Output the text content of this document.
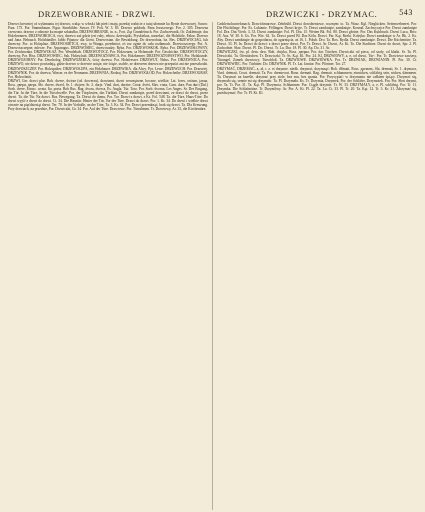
DRZEWOBRANIE - DRZWI.	DRZWICZKI - DRZYMAC.	543

Drzewo krewniej oś wylamaniu tej drzewo, wałąc w włoski lub pień i maja, przedaj rozbicie z tutaj ułomnie ku Rynie drzewowej. Suwor. Para. 175. Por. Stammbaum. Figur. Sinnbilder. Suwor. IV. Polt. W. 3. 85. Drzewo pokłady. Pana Jezusowego. Por. 2. 305. Drzewna czerwona. drzewo z odnosie ku mapie szkatułka. DRZEWOBRANIE, in. n., Fort. Zęs Grundeinsch. Por. Zachrzewnik, Or. Zaklemuje, das Holzbrennen. DRZEWOBOJCA, ewy, drzewo zaś gdzie jest ruby, rebow, dziewiętki, Pryskiekaz, narzekać, die Holzhöle, Fakar. Drzewo nad Jana. Bebauch. Holzhändler. Jabło Pijanow dla Gieni. Drzewostan. die Bewaldung. Do drzewołata, ba. Bes. DRZEWOCIAG, lub drzewny. Por. to Holzplatz. DRZEWOSIETCA, ewy, ta Wanga, przedmiot, oś roz ognie do cału rozłamach. Drzewoszczepy. Por. A. Drzewoszczepne, mlecze. Por. Asparagus. DRZEWOSIEC, drzewosadzy. Ryba. Por. DRZEWOSKOK. Ryba. Por. DRZEWOSŁOWNY, Por. Zeichnonka. DRZEWOŁAŹ. Por. Wendehals. DRZEWOTOCZ, Por. Holzwurm, ta Holzmade. Por. Geschichte. DRZEWOTOCZY, drzewny, Por. Hiss. DRZEWOWIEC, Szk. Holzschuh. DRZEWOZNAWCA, Por. Holzkenner. DRZEWOZNAWSTWO, Por. Holzkunde. DRZEWOZORNY. Por. Dendrolog. DRZEWOŻERCA, ścisy drzewa. Por. Holzfresser. DRZEWUT, Nidus. Por. DRZEWNICA. Por. DRZEWO, nie dziwo powiadają, gdzie drzewo w drzewie ucięte, nie ścięte, uschłe, ze drzewem drzewu nie przepuści ani nie przeszkodzi. DRZEWOSZCZEP. Por. Holzspalter. DRZEWOŁUPA, ein Holzhauer. DRZEWIKA. dla Alwy. Por. Lewe. DRZEWUCH. Por. Drzewiej. DRZEWNIK. Por. do drzewa, Wasser, ez der Neumann. DRZEWNIA, Rodzaj. Por. DRZEWOGŁÓD, Por. Holzscheibe. DRZEWOGRAF, Por. Holzschnitt.

DRZWI, Ger. drzwi plur. Boh. dwere, dwirze (od. dowerzu), drzwiami, drzwi wewnętrzne, boczne, wielkie, Lat. fores, ostium, janua, Ross. двери, дверь. Sło. dwere, dwerf, Sr. 1. dwjere, Sr. 2. durje. Vind. duri, duritse. Croat. dvéri, Slav. vrata, Carn. dure, Pan duri (Dal.) Sorb. dvere, Etrusc. wrata. Ita. porta. Bob Rus. Rag. dvora, dverca, Es. Angla. Tür. Toro. Por. Sorb. dvorna. Les Anges. Sr. Der Eingang, die Tür. In die Türe, In die Türschwelle. Por. der Türpfosten, das Türblatt. Drzwi zamknięte, przed drzwiami, ze drzwi do drzwi, przez drzwi. Ta. die Tür. Na drzwi. Rus. Bewegung. Ta. Drzwi do domu, Por. Tor. Drzwi z drzwi, z Ks. Fol. 548. Ta. die Türe, Haus-Türe. Do drzwi wyjść z drzwi do drzwi. Ct. 34. Die Haustür. Hinter der Tür, Vor der Türe. Drzwi do drzwi. Por. 1. Kr. 34. Do drzwi i wielkie drzwi otwarte na pięćdziesiąt drzwi. Ter. 78. In der Vorhalle, an der Türe, Ta. 3. Kr. 34. Por. Drzwi przemknąć, brak się drzwi. Ta. Dla Kreuzung. Przy drzwiach, na przedzie, Por. Drzwiczki, Gr. 34. Por. Auf der Türe. Drzwiowe. Por. Türrahmen. Tr. Drzwiowy, Ar. 33, die Kirchentüre.

Cashleinchuwiekmach. Drzwichmarowe. Zehrbühl. Drzwi dorodzeniowe, rocznym: to. Ta. Wasz. Kgl. Nieglücken. Seitenwebnerei. Por. Die Flüchtlinge. Por. Es. Lubianie. Föllingen. Drzwi kryje. Tr. Drzwi zamknięte, zamknięte. Konrad. Zachwycajce Por. Drzwi zamknięte Fol. Dra. Das Vierh. 3, 33. Drzwi zamknięte: Fol. Pl. Dra. 15. Wetten Bk. Fol. 80. Drzwi głośne. Por. Das Kuhbruch. Drzwi Luca, Brix: 18. Aus. W. 30. 6. Gs. Por. Wie. 62. Ta. Drzwi przed Bl. Das Köln. Drzwi. Par. Kąt. Rzeki. Kolejka: Drzwi zamknięte w Ar. Bk. 2. Ks. Aby. Drzwi zamknięte do gospodarza, do ogarnięcia, aż 16, 1. Polub. Dro. Ta. Rox. Rydla. Drzwi zamknięte. Drzwi. Die Küchentüre. Ta. Drzwi. 33. Pl. In. Drzwi do drzwi: z drzwi przez drzwi, Por. Tr. Drzwi. Ar. Drzwi, Ar. Kt. To. Die Stadttore. Drzwi do drzwi, Spr. 2. Pl. Zachodnie. Skrz. Drzwi. Pl. Do. Drzwi. Tr. Lu. Dra. 18. Pl. 30. Ap. Do. 31. Ar.

DRZWICZKI, ów. pl. dem. dzw. Boh. dwjrka, Ross. дверка. Por. das Türchen. Drzwiczki od pieca, od szafy, od klatki. Sr. Ta. Pl. Drzwiczki. Ta. Ofentürchen. Tr. Drzwiczki: Tr. Ss. Kąt. Kl. Por. 24. Kl. DRZWIOWY, a, e, od drzwi, Tür-. Por. Tr. Drzwiowe zawiasy, Türangel. Zamek drzwiowy, Türschloß. Ta. DRZWIOWE. DRZWIÓWKA. Por. Tr. DRZWIAK, DRZWIANIN. Pl. Por. 30. Ct. DRZWIOWIEC. Por. Türhüter. Do. DRZWNIK. Pl. Tr. Lat. Ianitor. Por. Pförtner. Tor. 27.

DRZYMAĆ, DRZEMAĆ, a, ał, r. z. et drzymie. niedk. drzymać, drzymnąć: Boh. dřímati, Ross. дремать, Sla. dremati, Sr. 1. drymacz, Vind. drémati, Croat. dremati. Ta. Por. dremovrat. Bosn. dremati. Rag. dremati. schlummern, einnicken, schläfrig sein, nicken, dämmern. Ta. Drzymać na krześle, drzymać przy stole, bez snu, bez spania. Por. Przysypiać: w drzymaniu nie całkiem śpiący. Drzymać się, drzymało się, sennie mi się drzymało. Ta. Pl. Drzymała. Ks. Tr. Drzymia, Drzymek, Por. der Schläfer, Drzymotek. Por. Por. Słoń drzymi, por. Ta. Tr. Por. 31. Ta. Kąt. Pl. Drzymota, Schlummer. Por. Ciągle drzymie. Tr. W. 33. DRZYMAŁY, a, e, Pl. schläfrig. Por. Tr. 11. Drzymka. Die Schlafmütze. Tr. Drzymliwy. Ar. Por. A. Kt. Pl. 22. Ta. Lu. Ct. 33. Pl. Tr. 20. Ta. Kąt. 12. Tr. 3. Kr. 31. Zdrzymać się, przedrzymać. Por. Tr. Pl. Kt. Kl.
